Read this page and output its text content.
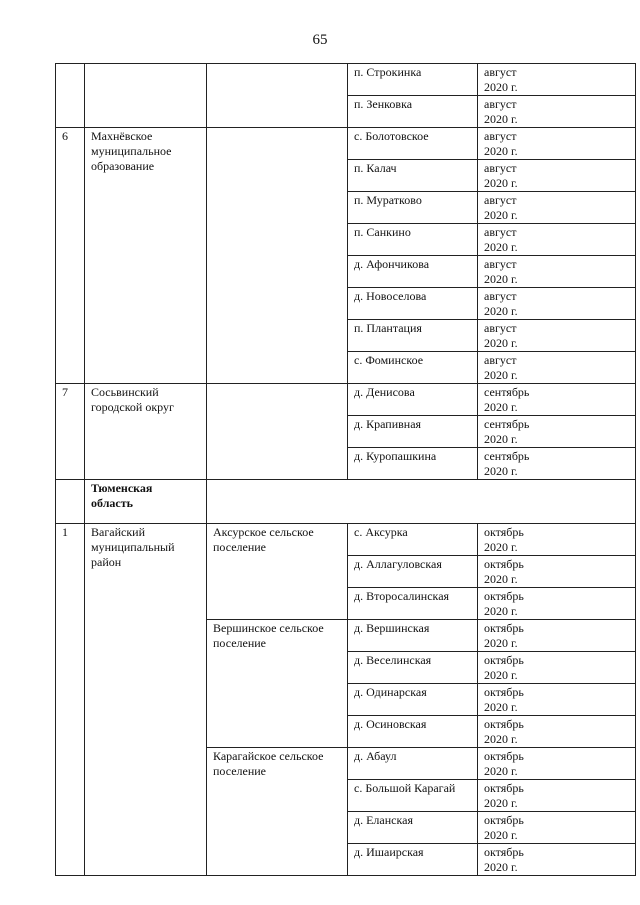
65
			п. Строкинка	август
2020 г.
			п. Зенковка	август
2020 г.
6	Махнёвское
муниципальное
образование		с. Болотовское	август
2020 г.
			п. Калач	август
2020 г.
			п. Муратково	август
2020 г.
			п. Санкино	август
2020 г.
			д. Афончикова	август
2020 г.
			д. Новоселова	август
2020 г.
			п. Плантация	август
2020 г.
			с. Фоминское	август
2020 г.
7	Сосьвинский
городской округ		д. Денисова	сентябрь
2020 г.
			д. Крапивная	сентябрь
2020 г.
			д. Куропашкина	сентябрь
2020 г.
	Тюменская
область			
1	Вагайский
муниципальный
район	Аксурское сельское
поселение	с. Аксурка	октябрь
2020 г.
			д. Аллагуловская	октябрь
2020 г.
			д. Второсалинская	октябрь
2020 г.
		Вершинское сельское
поселение	д. Вершинская	октябрь
2020 г.
			д. Веселинская	октябрь
2020 г.
			д. Одинарская	октябрь
2020 г.
			д. Осиновская	октябрь
2020 г.
		Карагайское сельское
поселение	д. Абаул	октябрь
2020 г.
			с. Большой Карагай	октябрь
2020 г.
			д. Еланская	октябрь
2020 г.
			д. Ишаирская	октябрь
2020 г.
